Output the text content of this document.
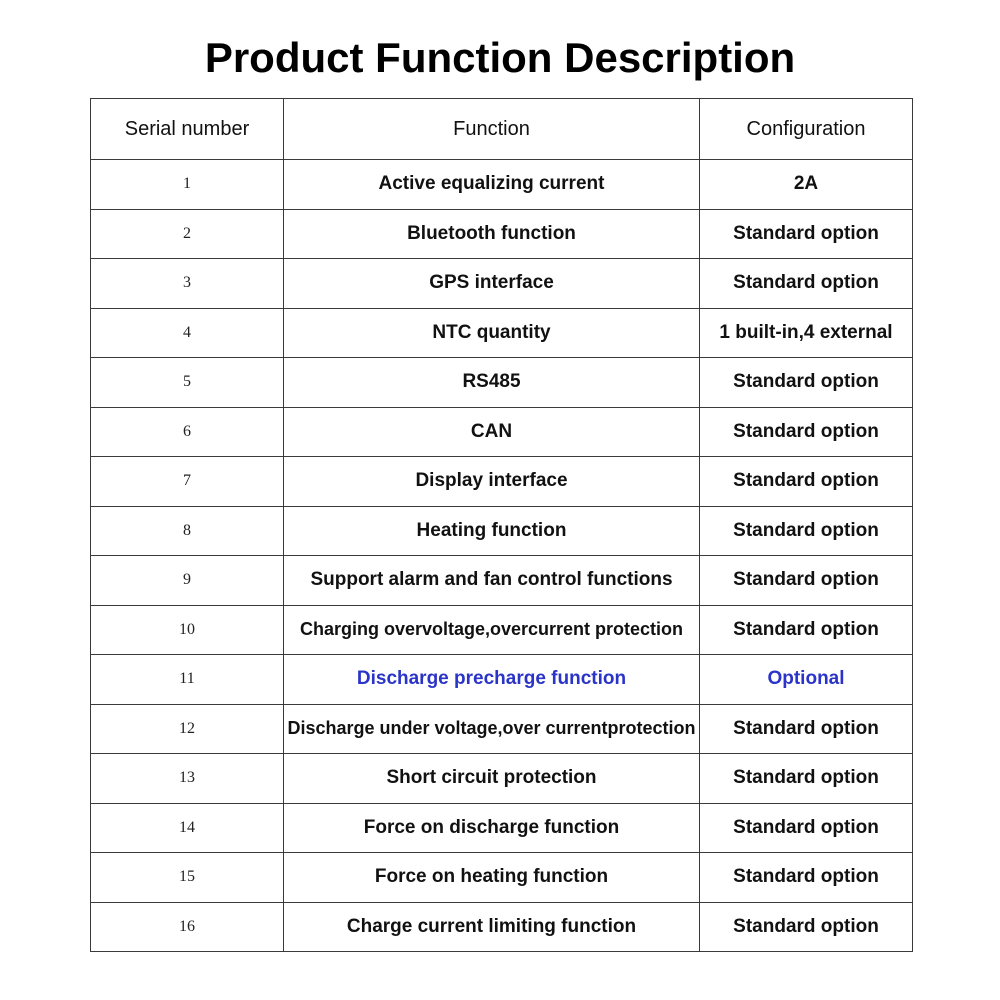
Product Function Description
Serial number	Function	Configuration
1	Active equalizing current	2A
2	Bluetooth function	Standard option
3	GPS interface	Standard option
4	NTC quantity	1 built-in,4 external
5	RS485	Standard option
6	CAN	Standard option
7	Display interface	Standard option
8	Heating function	Standard option
9	Support alarm and fan control functions	Standard option
10	Charging overvoltage,overcurrent protection	Standard option
11	Discharge precharge function	Optional
12	Discharge under voltage,over currentprotection	Standard option
13	Short circuit protection	Standard option
14	Force on discharge function	Standard option
15	Force on heating function	Standard option
16	Charge current limiting function	Standard option
